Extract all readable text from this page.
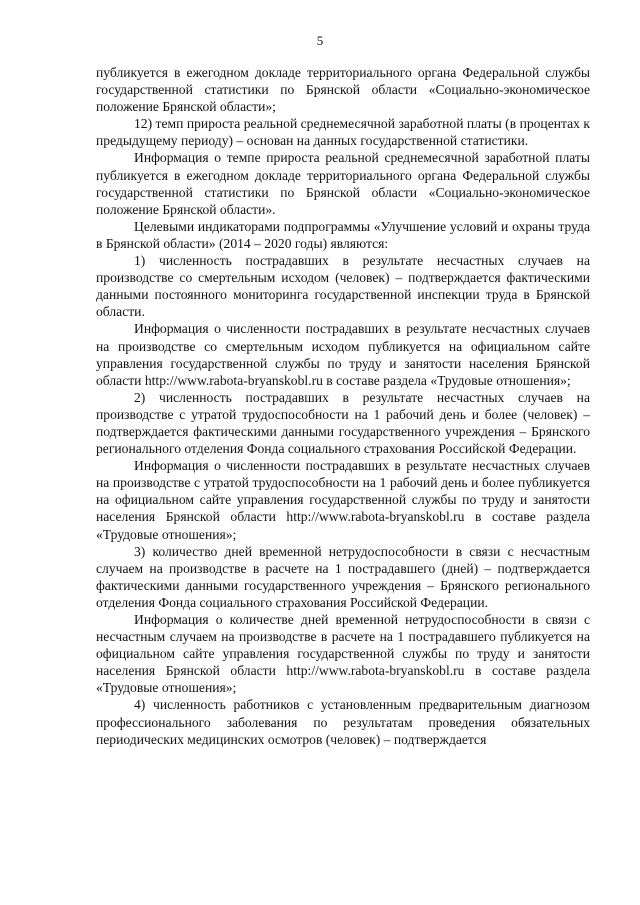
5

публикуется в ежегодном докладе территориального органа Федеральной службы государственной статистики по Брянской области «Социально-экономическое положение Брянской области»;

12) темп прироста реальной среднемесячной заработной платы (в процентах к предыдущему периоду) – основан на данных государственной статистики.

Информация о темпе прироста реальной среднемесячной заработной платы публикуется в ежегодном докладе территориального органа Федеральной службы государственной статистики по Брянской области «Социально-экономическое положение Брянской области».

Целевыми индикаторами подпрограммы «Улучшение условий и охраны труда в Брянской области» (2014 – 2020 годы) являются:

1) численность пострадавших в результате несчастных случаев на производстве со смертельным исходом (человек) – подтверждается фактическими данными постоянного мониторинга государственной инспекции труда в Брянской области.

Информация о численности пострадавших в результате несчастных случаев на производстве со смертельным исходом публикуется на официальном сайте управления государственной службы по труду и занятости населения Брянской области http://www.rabota-bryanskobl.ru в составе раздела «Трудовые отношения»;

2) численность пострадавших в результате несчастных случаев на производстве с утратой трудоспособности на 1 рабочий день и более (человек) – подтверждается фактическими данными государственного учреждения – Брянского регионального отделения Фонда социального страхования Российской Федерации.

Информация о численности пострадавших в результате несчастных случаев на производстве с утратой трудоспособности на 1 рабочий день и более публикуется на официальном сайте управления государственной службы по труду и занятости населения Брянской области http://www.rabota-bryanskobl.ru в составе раздела «Трудовые отношения»;

3) количество дней временной нетрудоспособности в связи с несчастным случаем на производстве в расчете на 1 пострадавшего (дней) – подтверждается фактическими данными государственного учреждения – Брянского регионального отделения Фонда социального страхования Российской Федерации.

Информация о количестве дней временной нетрудоспособности в связи с несчастным случаем на производстве в расчете на 1 пострадавшего публикуется на официальном сайте управления государственной службы по труду и занятости населения Брянской области http://www.rabota-bryanskobl.ru в составе раздела «Трудовые отношения»;

4) численность работников с установленным предварительным диагнозом профессионального заболевания по результатам проведения обязательных периодических медицинских осмотров (человек) – подтверждается
